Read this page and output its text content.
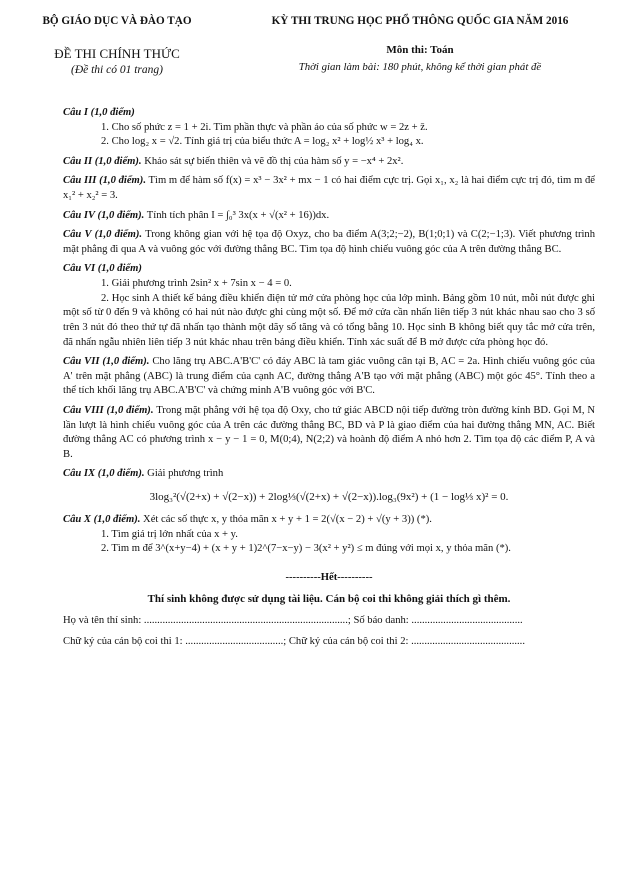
BỘ GIÁO DỤC VÀ ĐÀO TẠO
ĐỀ THI CHÍNH THỨC
(Đề thi có 01 trang)
KỲ THI TRUNG HỌC PHỔ THÔNG QUỐC GIA NĂM 2016
Môn thi: Toán
Thời gian làm bài: 180 phút, không kể thời gian phát đề

Câu I (1,0 điểm)

1. Cho số phức z = 1 + 2i. Tìm phần thực và phần ảo của số phức w = 2z + z̄.

2. Cho log₂ x = √2. Tính giá trị của biểu thức A = log₂ x² + log½ x³ + log₄ x.

Câu II (1,0 điểm). Khảo sát sự biến thiên và vẽ đồ thị của hàm số y = −x⁴ + 2x².

Câu III (1,0 điểm). Tìm m để hàm số f(x) = x³ − 3x² + mx − 1 có hai điểm cực trị. Gọi x₁, x₂ là hai điểm cực trị đó, tìm m để x₁² + x₂² = 3.

Câu IV (1,0 điểm). Tính tích phân I = ∫₀³ 3x(x + √(x² + 16))dx.

Câu V (1,0 điểm). Trong không gian với hệ tọa độ Oxyz, cho ba điểm A(3;2;−2), B(1;0;1) và C(2;−1;3). Viết phương trình mặt phẳng đi qua A và vuông góc với đường thẳng BC. Tìm tọa độ hình chiếu vuông góc của A trên đường thẳng BC.

Câu VI (1,0 điểm)

1. Giải phương trình 2sin² x + 7sin x − 4 = 0.

2. Học sinh A thiết kế bảng điều khiển điện tử mở cửa phòng học của lớp mình. Bảng gồm 10 nút, mỗi nút được ghi một số từ 0 đến 9 và không có hai nút nào được ghi cùng một số. Để mở cửa cần nhấn liên tiếp 3 nút khác nhau sao cho 3 số trên 3 nút đó theo thứ tự đã nhấn tạo thành một dãy số tăng và có tổng bằng 10. Học sinh B không biết quy tắc mở cửa trên, đã nhấn ngẫu nhiên liên tiếp 3 nút khác nhau trên bảng điều khiển. Tính xác suất để B mở được cửa phòng học đó.

Câu VII (1,0 điểm). Cho lăng trụ ABC.A'B'C' có đáy ABC là tam giác vuông cân tại B, AC = 2a. Hình chiếu vuông góc của A' trên mặt phẳng (ABC) là trung điểm của cạnh AC, đường thẳng A'B tạo với mặt phẳng (ABC) một góc 45°. Tính theo a thể tích khối lăng trụ ABC.A'B'C' và chứng minh A'B vuông góc với B'C.

Câu VIII (1,0 điểm). Trong mặt phẳng với hệ tọa độ Oxy, cho tứ giác ABCD nội tiếp đường tròn đường kính BD. Gọi M, N lần lượt là hình chiếu vuông góc của A trên các đường thẳng BC, BD và P là giao điểm của hai đường thẳng MN, AC. Biết đường thẳng AC có phương trình x − y − 1 = 0, M(0;4), N(2;2) và hoành độ điểm A nhỏ hơn 2. Tìm tọa độ các điểm P, A và B.

Câu IX (1,0 điểm). Giải phương trình

3log₃²(√(2+x) + √(2−x)) + 2log⅓(√(2+x) + √(2−x)).log₃(9x²) + (1 − log⅓ x)² = 0.

Câu X (1,0 điểm). Xét các số thực x, y thỏa mãn x + y + 1 = 2(√(x − 2) + √(y + 3)) (*).

1. Tìm giá trị lớn nhất của x + y.

2. Tìm m để 3^(x+y−4) + (x + y + 1)2^(7−x−y) − 3(x² + y²) ≤ m đúng với mọi x, y thỏa mãn (*).

----------Hết----------

Thí sinh không được sử dụng tài liệu. Cán bộ coi thi không giải thích gì thêm.

Họ và tên thí sinh: .............................................................................; Số báo danh: ..........................................

Chữ ký của cán bộ coi thi 1: .....................................; Chữ ký của cán bộ coi thi 2: ...........................................
